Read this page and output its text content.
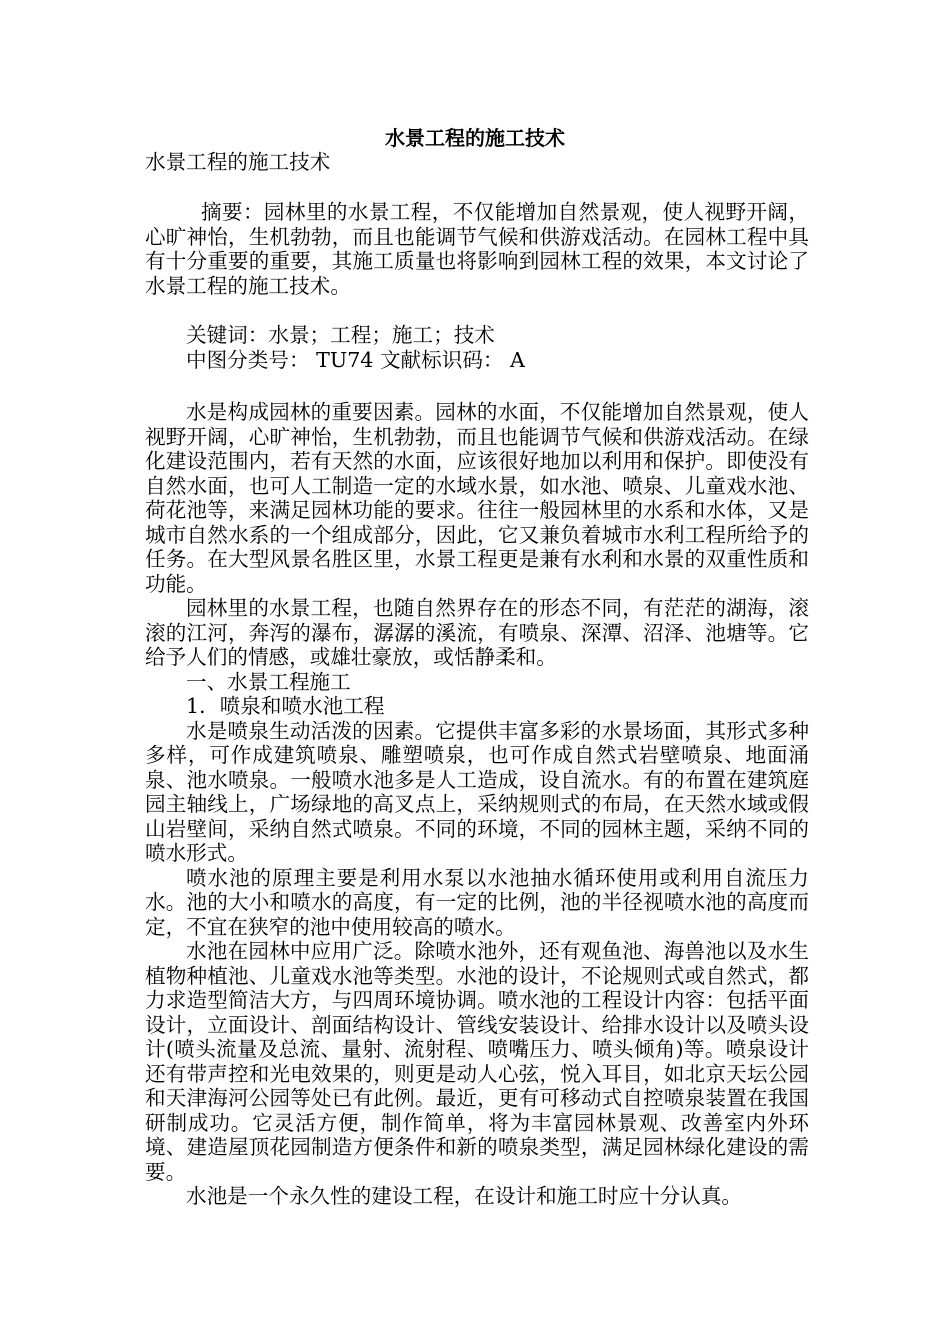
水景工程的施工技术
水景工程的施工技术

摘要：园林里的水景工程，不仅能增加自然景观，使人视野开阔，心旷神怡，生机勃勃，而且也能调节气候和供游戏活动。在园林工程中具有十分重要的重要，其施工质量也将影响到园林工程的效果，本文讨论了水景工程的施工技术。

关键词：水景；工程；施工；技术

中图分类号： TU74 文献标识码： A

水是构成园林的重要因素。园林的水面，不仅能增加自然景观，使人视野开阔，心旷神怡，生机勃勃，而且也能调节气候和供游戏活动。在绿化建设范围内，若有天然的水面，应该很好地加以利用和保护。即使没有自然水面，也可人工制造一定的水域水景，如水池、喷泉、儿童戏水池、荷花池等，来满足园林功能的要求。往往一般园林里的水系和水体，又是城市自然水系的一个组成部分，因此，它又兼负着城市水利工程所给予的任务。在大型风景名胜区里，水景工程更是兼有水利和水景的双重性质和功能。

园林里的水景工程，也随自然界存在的形态不同，有茫茫的湖海，滚滚的江河，奔泻的瀑布，潺潺的溪流，有喷泉、深潭、沼泽、池塘等。它给予人们的情感，或雄壮豪放，或恬静柔和。

一、水景工程施工

1．喷泉和喷水池工程

水是喷泉生动活泼的因素。它提供丰富多彩的水景场面，其形式多种多样，可作成建筑喷泉、雕塑喷泉，也可作成自然式岩壁喷泉、地面涌泉、池水喷泉。一般喷水池多是人工造成，设自流水。有的布置在建筑庭园主轴线上，广场绿地的高叉点上，采纳规则式的布局，在天然水域或假山岩壁间，采纳自然式喷泉。不同的环境，不同的园林主题，采纳不同的喷水形式。

喷水池的原理主要是利用水泵以水池抽水循环使用或利用自流压力水。池的大小和喷水的高度，有一定的比例，池的半径视喷水池的高度而定，不宜在狭窄的池中使用较高的喷水。

水池在园林中应用广泛。除喷水池外，还有观鱼池、海兽池以及水生植物种植池、儿童戏水池等类型。水池的设计，不论规则式或自然式，都力求造型简洁大方，与四周环境协调。喷水池的工程设计内容：包括平面设计，立面设计、剖面结构设计、管线安装设计、给排水设计以及喷头设计(喷头流量及总流、量射、流射程、喷嘴压力、喷头倾角)等。喷泉设计还有带声控和光电效果的，则更是动人心弦，悦入耳目，如北京天坛公园和天津海河公园等处已有此例。最近，更有可移动式自控喷泉装置在我国研制成功。它灵活方便，制作简单，将为丰富园林景观、改善室内外环境、建造屋顶花园制造方便条件和新的喷泉类型，满足园林绿化建设的需要。

水池是一个永久性的建设工程，在设计和施工时应十分认真。
